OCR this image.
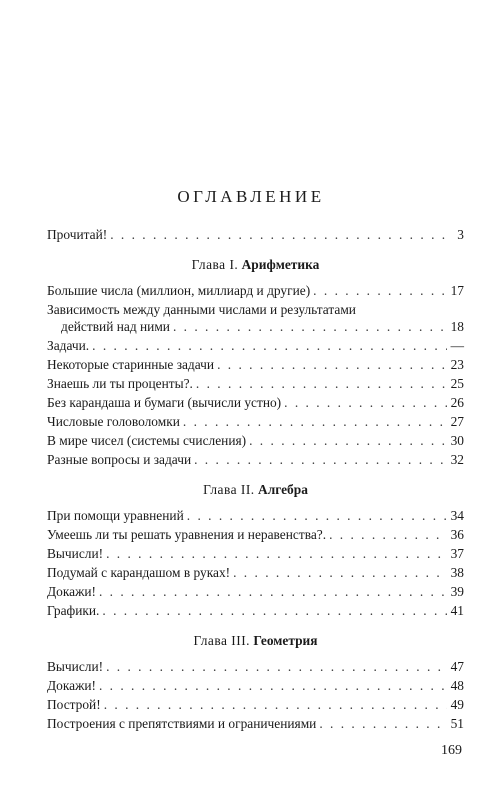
ОГЛАВЛЕНИЕ
Прочитай! . . .	3
Глава I. Арифметика
Большие числа (миллион, миллиард и другие) . . .	17
Зависимость между данными числами и результатами
действий над ними . . .	18
Задачи. . . .	—
Некоторые старинные задачи . . .	23
Знаешь ли ты проценты?. . . .	25
Без карандаша и бумаги (вычисли устно) . . .	26
Числовые головоломки . . .	27
В мире чисел (системы счисления) . . .	30
Разные вопросы и задачи . . .	32
Глава II. Алгебра
При помощи уравнений . . .	34
Умеешь ли ты решать уравнения и неравенства?. . . .	36
Вычисли! . . .	37
Подумай с карандашом в руках! . . .	38
Докажи! . . .	39
Графики. . . .	41
Глава III. Геометрия
Вычисли! . . .	47
Докажи! . . .	48
Построй! . . .	49
Построения с препятствиями и ограничениями . . .	51
169
